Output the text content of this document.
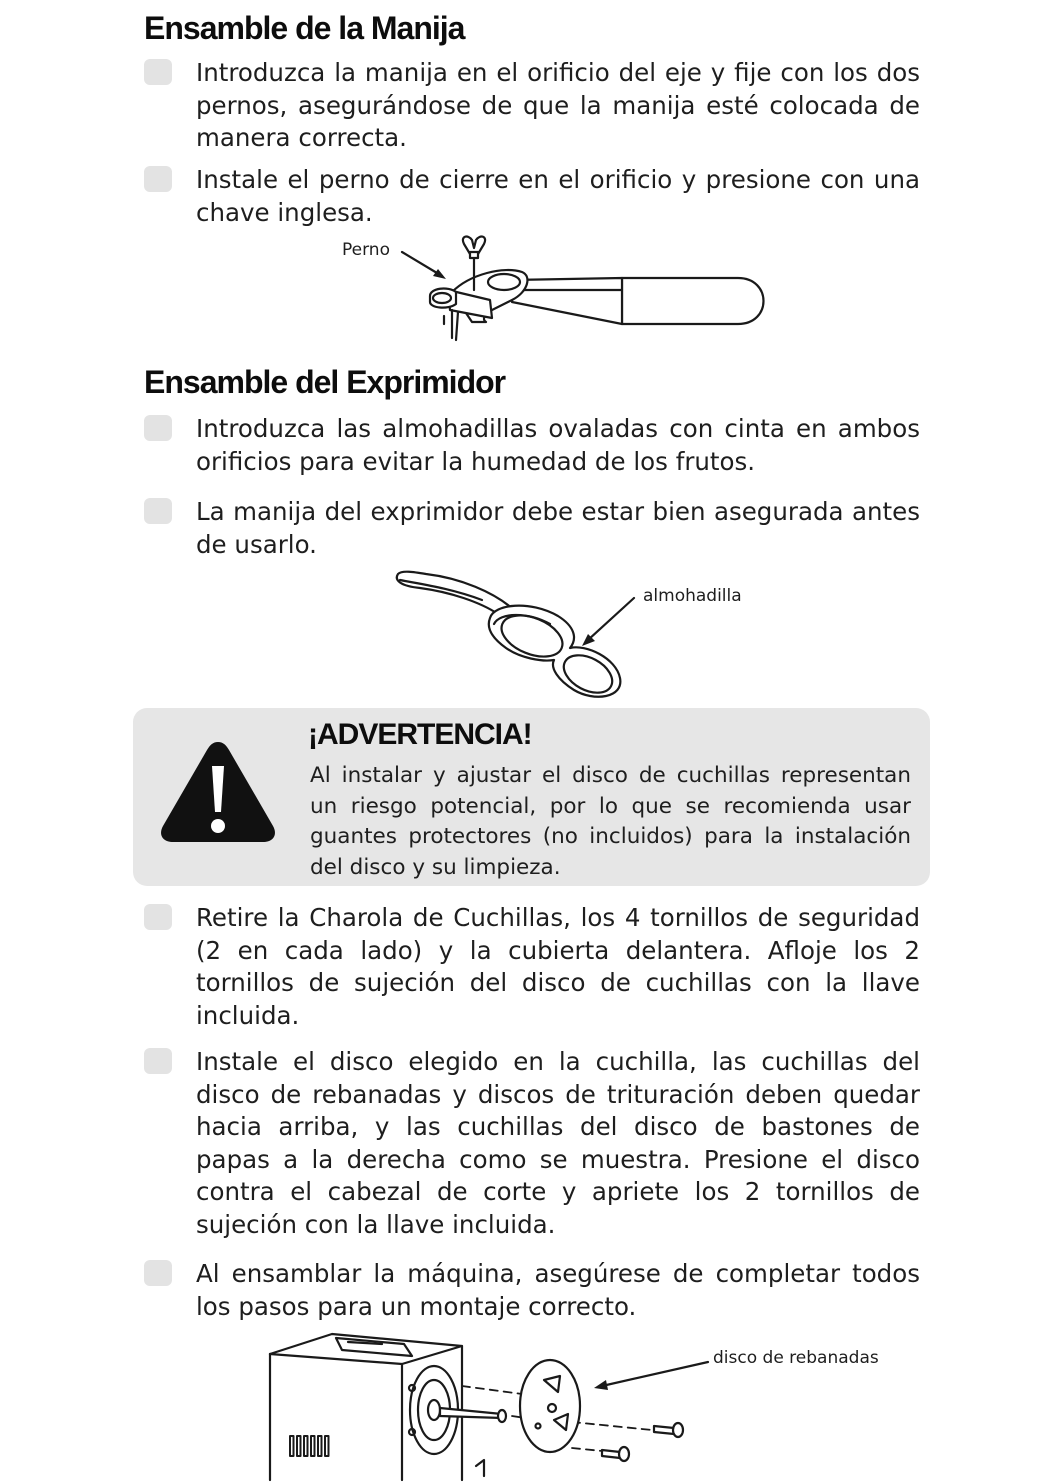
Ensamble de la Manija
Introduzca la manija en el orificio del eje y fije con los dos pernos, asegurándose de que la manija esté colocada de manera correcta.
Instale el perno de cierre en el orificio y presione con una chave inglesa.
Perno
Ensamble del Exprimidor
Introduzca las almohadillas ovaladas con cinta en ambos orificios para evitar la humedad de los frutos.
La manija del exprimidor debe estar bien asegurada antes de usarlo.
almohadilla
¡ADVERTENCIA!
Al instalar y ajustar el disco de cuchillas representan un riesgo potencial, por lo que se recomienda usar guantes protectores (no incluidos) para la instalación del disco y su limpieza.
Retire la Charola de Cuchillas, los 4 tornillos de seguridad (2 en cada lado) y la cubierta delantera. Afloje los 2 tornillos de sujeción del disco de cuchillas con la llave incluida.
Instale el disco elegido en la cuchilla, las cuchillas del disco de rebanadas y discos de trituración deben quedar hacia arriba, y las cuchillas del disco de bastones de papas a la derecha como se muestra. Presione el disco contra el cabezal de corte y apriete los 2 tornillos de sujeción con la llave incluida.
Al ensamblar la máquina, asegúrese de completar todos los pasos para un montaje correcto.
disco de rebanadas
